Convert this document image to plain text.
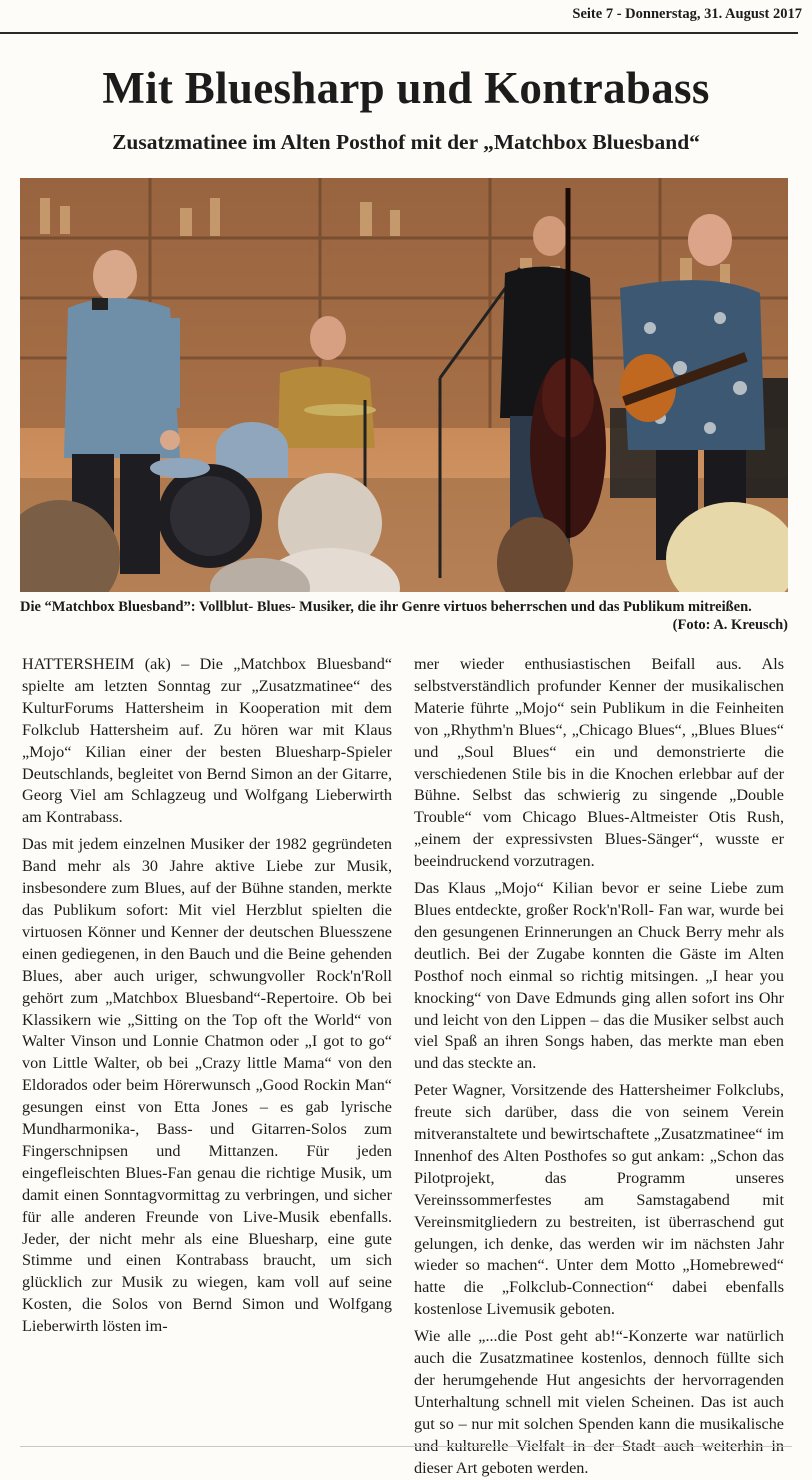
Seite 7 - Donnerstag, 31. August 2017
Mit Bluesharp und Kontrabass
Zusatzmatinee im Alten Posthof mit der „Matchbox Bluesband“

Die “Matchbox Bluesband”: Vollblut- Blues- Musiker, die ihr Genre virtuos beherrschen und das Publikum mitreißen.
(Foto: A. Kreusch)

HATTERSHEIM (ak) – Die „Matchbox Bluesband“ spielte am letzten Sonntag zur „Zusatzmatinee“ des KulturForums Hattersheim in Kooperation mit dem Folkclub Hattersheim auf. Zu hören war mit Klaus „Mojo“ Kilian einer der besten Bluesharp-Spieler Deutschlands, begleitet von Bernd Simon an der Gitarre, Georg Viel am Schlagzeug und Wolfgang Lieberwirth am Kontrabass.

Das mit jedem einzelnen Musiker der 1982 gegründeten Band mehr als 30 Jahre aktive Liebe zur Musik, insbesondere zum Blues, auf der Bühne standen, merkte das Publikum sofort: Mit viel Herzblut spielten die virtuosen Könner und Kenner der deutschen Bluesszene einen gediegenen, in den Bauch und die Beine gehenden Blues, aber auch uriger, schwungvoller Rock'n'Roll gehört zum „Matchbox Bluesband“-Repertoire. Ob bei Klassikern wie „Sitting on the Top oft the World“ von Walter Vinson und Lonnie Chatmon oder „I got to go“ von Little Walter, ob bei „Crazy little Mama“ von den Eldorados oder beim Hörerwunsch „Good Rockin Man“ gesungen einst von Etta Jones – es gab lyrische Mundharmonika-, Bass- und Gitarren-Solos zum Fingerschnipsen und Mittanzen. Für jeden eingefleischten Blues-Fan genau die richtige Musik, um damit einen Sonntagvormittag zu verbringen, und sicher für alle anderen Freunde von Live-Musik ebenfalls. Jeder, der nicht mehr als eine Bluesharp, eine gute Stimme und einen Kontrabass braucht, um sich glücklich zur Musik zu wiegen, kam voll auf seine Kosten, die Solos von Bernd Simon und Wolfgang Lieberwirth lösten im-

mer wieder enthusiastischen Beifall aus. Als selbstverständlich profunder Kenner der musikalischen Materie führte „Mojo“ sein Publikum in die Feinheiten von „Rhythm'n Blues“, „Chicago Blues“, „Blues Blues“ und „Soul Blues“ ein und demonstrierte die verschiedenen Stile bis in die Knochen erlebbar auf der Bühne. Selbst das schwierig zu singende „Double Trouble“ vom Chicago Blues-Altmeister Otis Rush, „einem der expressivsten Blues-Sänger“, wusste er beeindruckend vorzutragen.

Das Klaus „Mojo“ Kilian bevor er seine Liebe zum Blues entdeckte, großer Rock'n'Roll- Fan war, wurde bei den gesungenen Erinnerungen an Chuck Berry mehr als deutlich. Bei der Zugabe konnten die Gäste im Alten Posthof noch einmal so richtig mitsingen. „I hear you knocking“ von Dave Edmunds ging allen sofort ins Ohr und leicht von den Lippen – das die Musiker selbst auch viel Spaß an ihren Songs haben, das merkte man eben und das steckte an.

Peter Wagner, Vorsitzende des Hattersheimer Folkclubs, freute sich darüber, dass die von seinem Verein mitveranstaltete und bewirtschaftete „Zusatzmatinee“ im Innenhof des Alten Posthofes so gut ankam: „Schon das Pilotprojekt, das Programm unseres Vereinssommerfestes am Samstagabend mit Vereinsmitgliedern zu bestreiten, ist überraschend gut gelungen, ich denke, das werden wir im nächsten Jahr wieder so machen“. Unter dem Motto „Homebrewed“ hatte die „Folkclub-Connection“ dabei ebenfalls kostenlose Livemusik geboten.

Wie alle „...die Post geht ab!“-Konzerte war natürlich auch die Zusatzmatinee kostenlos, dennoch füllte sich der herumgehende Hut angesichts der hervorragenden Unterhaltung schnell mit vielen Scheinen. Das ist auch gut so – nur mit solchen Spenden kann die musikalische und kulturelle Vielfalt in der Stadt auch weiterhin in dieser Art geboten werden.
